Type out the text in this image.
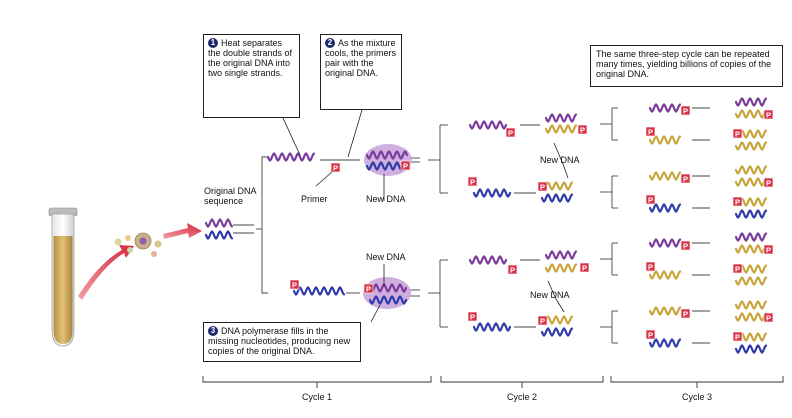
P	P
P	P
P	P
P
P
P	P
P	P
P	P
P	P
P	P
P	P
P	P
P	P
P	P
P	P
1 Heat separates the double strands of the original DNA into two single strands.
2 As the mixture cools, the primers pair with the original DNA.
3 DNA polymerase fills in the missing nucleotides, producing new copies of the original DNA.
The same three-step cycle can be repeated many times, yielding billions of copies of the original DNA.
Original DNA sequence	Primer	New DNA
New DNA
New DNA
New DNA
Cycle 1	Cycle 2	Cycle 3
